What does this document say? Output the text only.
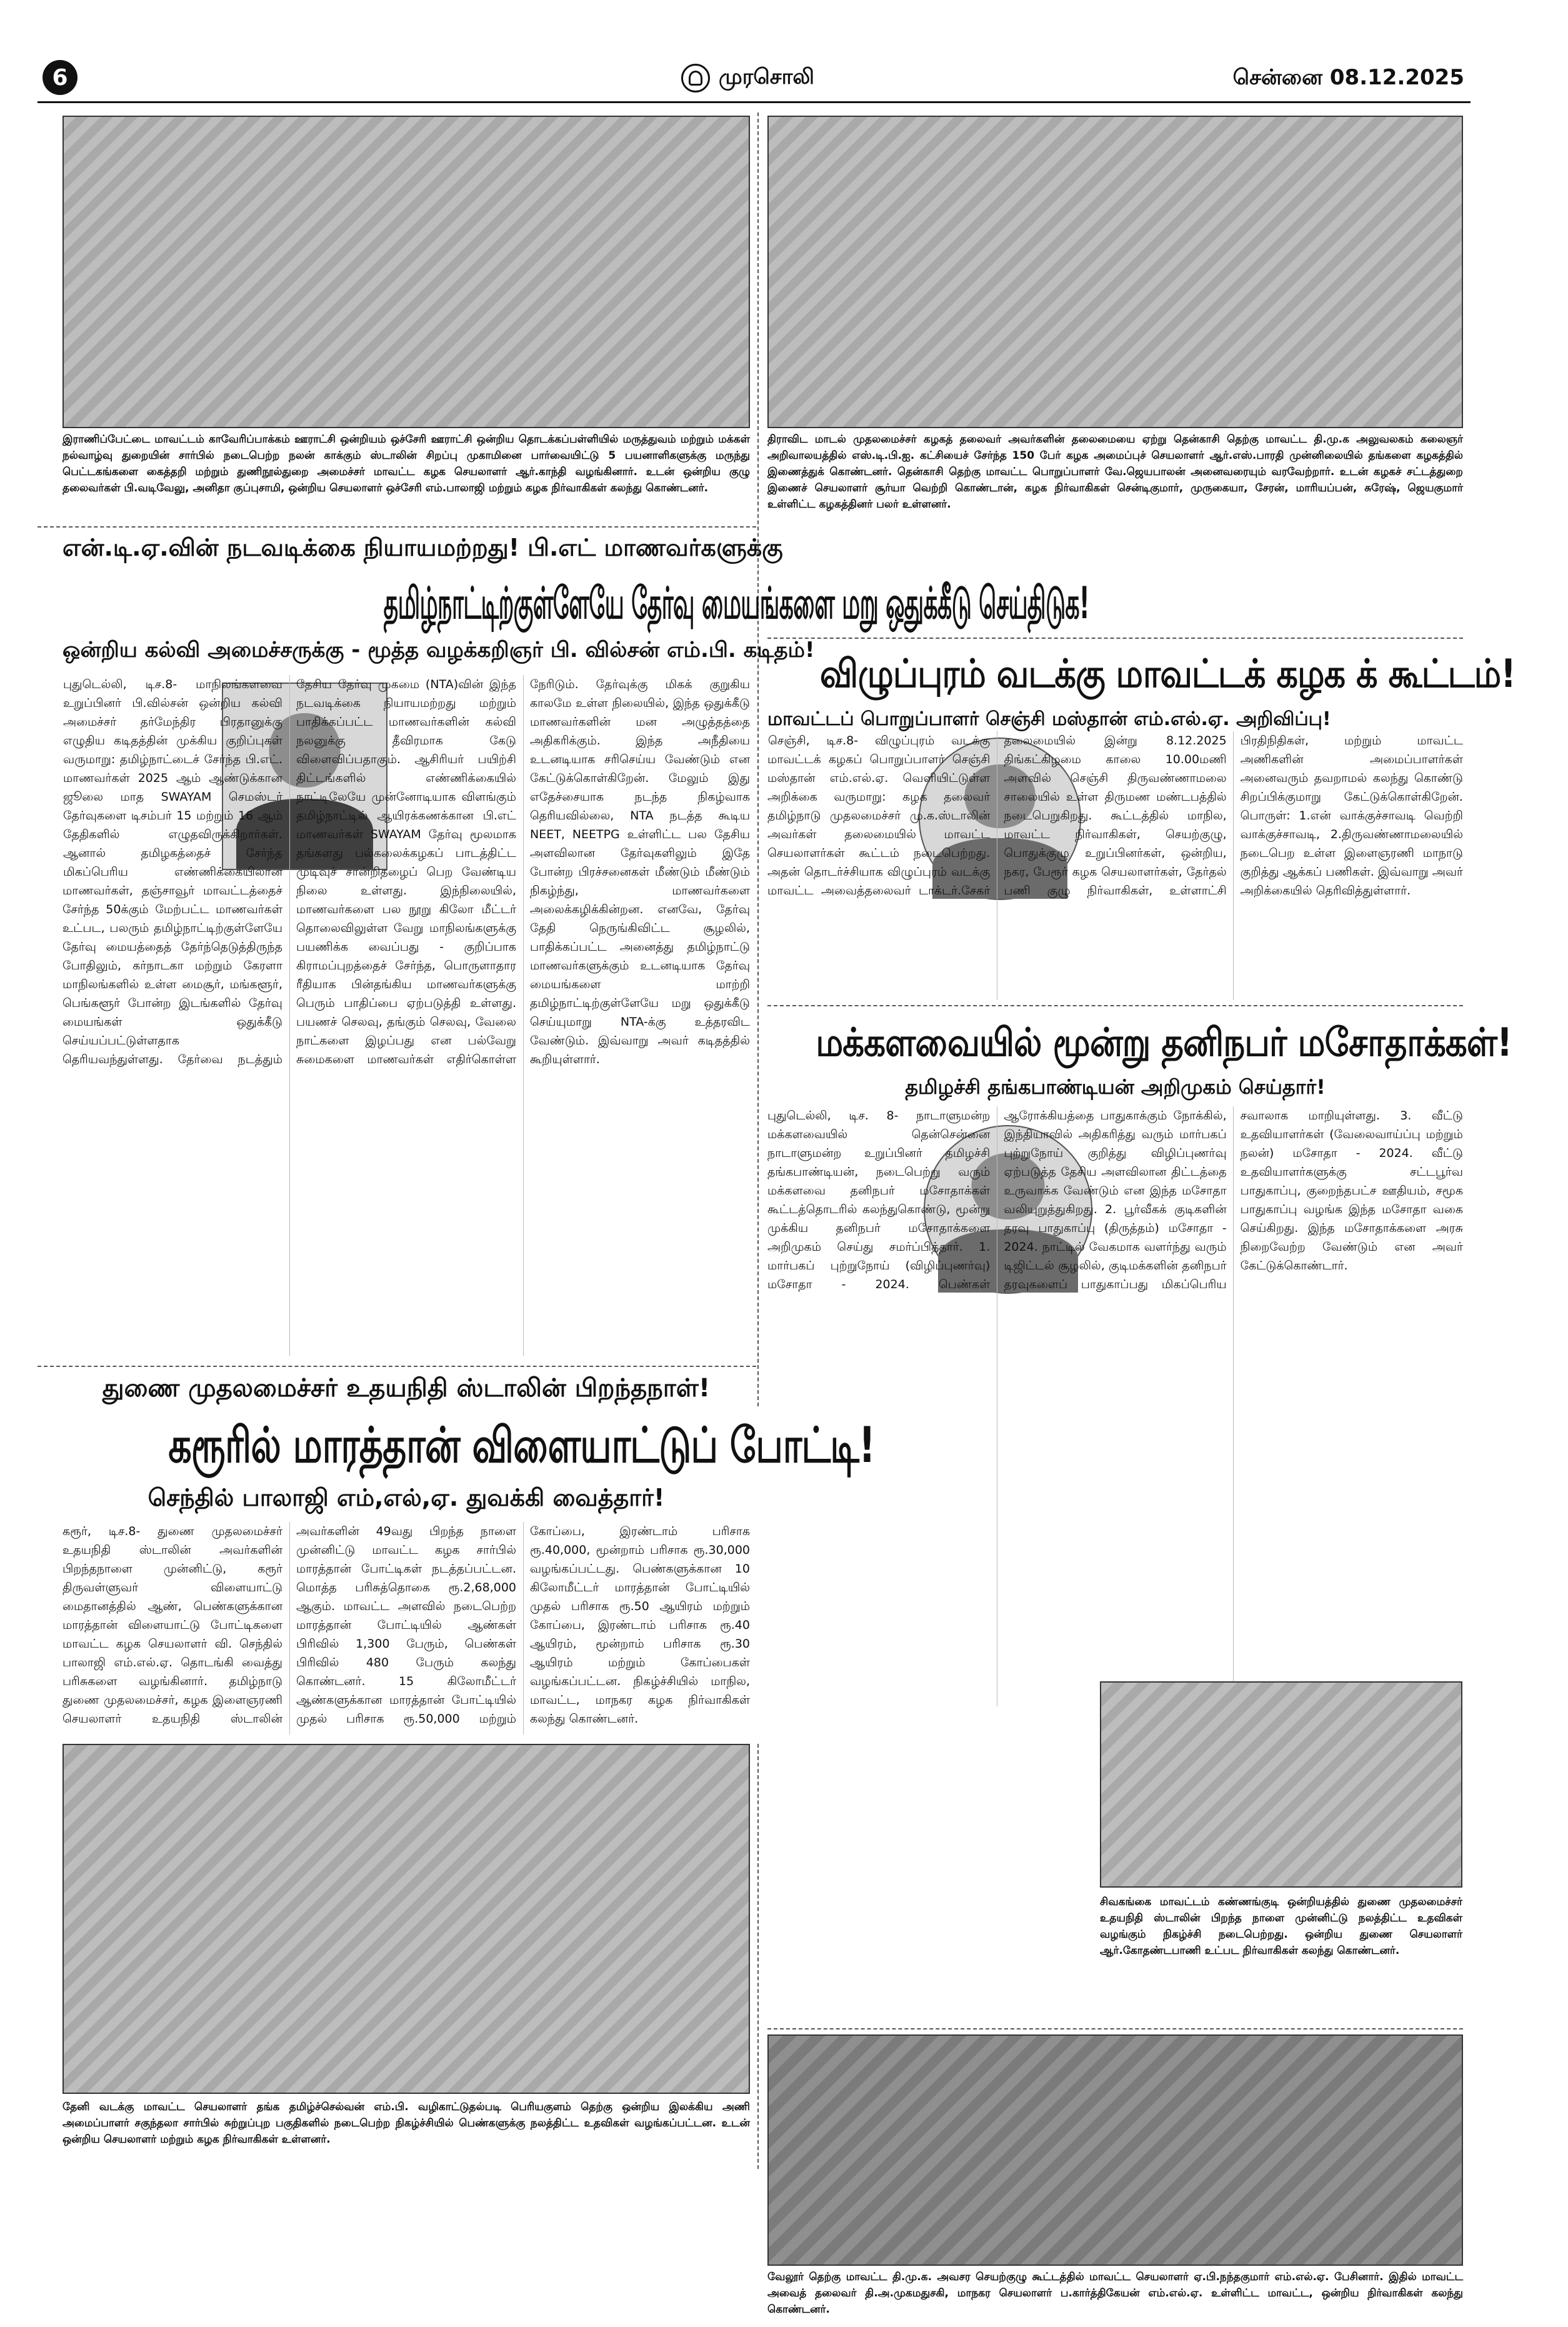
6	முரசொலி	சென்னை 08.12.2025
இராணிப்பேட்டை மாவட்டம் காவேரிப்பாக்கம் ஊராட்சி ஒன்றியம் ஒச்சேரி ஊராட்சி ஒன்றிய தொடக்கப்பள்ளியில் மருத்துவம் மற்றும் மக்கள் நல்வாழ்வு துறையின் சார்பில் நடைபெற்ற நலன் காக்கும் ஸ்டாலின் சிறப்பு முகாமினை பார்வையிட்டு 5 பயனாளிகளுக்கு மருந்து பெட்டகங்களை கைத்தறி மற்றும் துணிநூல்துறை அமைச்சர் மாவட்ட கழக செயலாளர் ஆர்.காந்தி வழங்கினார். உடன் ஒன்றிய குழு தலைவர்கள் பி.வடிவேலு, அனிதா குப்புசாமி, ஒன்றிய செயலாளர் ஒச்சேரி எம்.பாலாஜி மற்றும் கழக நிர்வாகிகள் கலந்து கொண்டனர்.
திராவிட மாடல் முதலமைச்சர் கழகத் தலைவர் அவர்களின் தலைமையை ஏற்று தென்காசி தெற்கு மாவட்ட தி.மு.க அலுவலகம் கலைஞர் அறிவாலயத்தில் எஸ்.டி.பி.ஐ. கட்சியைச் சேர்ந்த 150 பேர் கழக அமைப்புச் செயலாளர் ஆர்.எஸ்.பாரதி முன்னிலையில் தங்களை கழகத்தில் இணைத்துக் கொண்டனர். தென்காசி தெற்கு மாவட்ட பொறுப்பாளர் வே.ஜெயபாலன் அனைவரையும் வரவேற்றார். உடன் கழகச் சட்டத்துறை இணைச் செயலாளர் சூர்யா வெற்றி கொண்டான், கழக நிர்வாகிகள் சென்டிகுமார், முருகையா, சேரன், மாரியப்பன், சுரேஷ், ஜெயகுமார் உள்ளிட்ட கழகத்தினர் பலர் உள்ளனர்.
என்.டி.ஏ.வின் நடவடிக்கை நியாயமற்றது! பி.எட் மாணவர்களுக்கு
தமிழ்நாட்டிற்குள்ளேயே தேர்வு மையங்களை மறு ஒதுக்கீடு செய்திடுக!
ஒன்றிய கல்வி அமைச்சருக்கு - மூத்த வழக்கறிஞர் பி. வில்சன் எம்.பி. கடிதம்!
புதுடெல்லி, டிச.8- மாநிலங்களவை உறுப்பினர் பி.வில்சன் ஒன்றிய கல்வி அமைச்சர் தர்மேந்திர பிரதானுக்கு எழுதிய கடிதத்தின் முக்கிய குறிப்புகள் வருமாறு: தமிழ்நாட்டைச் சேர்ந்த பி.எட். மாணவர்கள் 2025 ஆம் ஆண்டுக்கான ஜூலை மாத SWAYAM செமஸ்டர் தேர்வுகளை டிசம்பர் 15 மற்றும் 16 ஆம் தேதிகளில் எழுதவிருக்கிறார்கள். ஆனால் தமிழகத்தைச் சேர்ந்த மிகப்பெரிய எண்ணிக்கையிலான மாணவர்கள், தஞ்சாவூர் மாவட்டத்தைச் சேர்ந்த 50க்கும் மேற்பட்ட மாணவர்கள் உட்பட, பலரும் தமிழ்நாட்டிற்குள்ளேயே தேர்வு மையத்தைத் தேர்ந்தெடுத்திருந்த போதிலும், கர்நாடகா மற்றும் கேரளா மாநிலங்களில் உள்ள மைசூர், மங்களூர், பெங்களூர் போன்ற இடங்களில் தேர்வு மையங்கள் ஒதுக்கீடு செய்யப்பட்டுள்ளதாக தெரியவந்துள்ளது. தேர்வை நடத்தும் தேசிய தேர்வு முகமை (NTA)வின் இந்த நடவடிக்கை நியாயமற்றது மற்றும் பாதிக்கப்பட்ட மாணவர்களின் கல்வி நலனுக்கு தீவிரமாக கேடு விளைவிப்பதாகும். ஆசிரியர் பயிற்சி திட்டங்களில் எண்ணிக்கையில் நாட்டிலேயே முன்னோடியாக விளங்கும் தமிழ்நாட்டில் ஆயிரக்கணக்கான பி.எட் மாணவர்கள் SWAYAM தேர்வு மூலமாக தங்களது பல்கலைக்கழகப் பாடத்திட்ட முடிவுச் சான்றிதழைப் பெற வேண்டிய நிலை உள்ளது. இந்நிலையில், மாணவர்களை பல நூறு கிலோ மீட்டர் தொலைவிலுள்ள வேறு மாநிலங்களுக்கு பயணிக்க வைப்பது - குறிப்பாக கிராமப்புறத்தைச் சேர்ந்த, பொருளாதார ரீதியாக பின்தங்கிய மாணவர்களுக்கு பெரும் பாதிப்பை ஏற்படுத்தி உள்ளது. பயணச் செலவு, தங்கும் செலவு, வேலை நாட்களை இழப்பது என பல்வேறு சுமைகளை மாணவர்கள் எதிர்கொள்ள நேரிடும். தேர்வுக்கு மிகக் குறுகிய காலமே உள்ள நிலையில், இந்த ஒதுக்கீடு மாணவர்களின் மன அழுத்தத்தை அதிகரிக்கும். இந்த அநீதியை உடனடியாக சரிசெய்ய வேண்டும் என கேட்டுக்கொள்கிறேன். மேலும் இது எதேச்சையாக நடந்த நிகழ்வாக தெரியவில்லை, NTA நடத்த கூடிய NEET, NEETPG உள்ளிட்ட பல தேசிய அளவிலான தேர்வுகளிலும் இதே போன்ற பிரச்சனைகள் மீண்டும் மீண்டும் நிகழ்ந்து, மாணவர்களை அலைக்கழிக்கின்றன. எனவே, தேர்வு தேதி நெருங்கிவிட்ட சூழலில், பாதிக்கப்பட்ட அனைத்து தமிழ்நாட்டு மாணவர்களுக்கும் உடனடியாக தேர்வு மையங்களை மாற்றி தமிழ்நாட்டிற்குள்ளேயே மறு ஒதுக்கீடு செய்யுமாறு NTA-க்கு உத்தரவிட வேண்டும். இவ்வாறு அவர் கடிதத்தில் கூறியுள்ளார்.
விழுப்புரம் வடக்கு மாவட்டக் கழக க் கூட்டம்!
மாவட்டப் பொறுப்பாளர் செஞ்சி மஸ்தான் எம்.எல்.ஏ. அறிவிப்பு!
செஞ்சி, டிச.8- விழுப்புரம் வடக்கு மாவட்டக் கழகப் பொறுப்பாளர் செஞ்சி மஸ்தான் எம்.எல்.ஏ. வெளியிட்டுள்ள அறிக்கை வருமாறு: கழக தலைவர் தமிழ்நாடு முதலமைச்சர் மு.க.ஸ்டாலின் அவர்கள் தலைமையில் மாவட்ட செயலாளர்கள் கூட்டம் நடைபெற்றது. அதன் தொடர்ச்சியாக விழுப்புரம் வடக்கு மாவட்ட அவைத்தலைவர் டாக்டர்.சேகர் தலைமையில் இன்று 8.12.2025 திங்கட்கிழமை காலை 10.00மணி அளவில் செஞ்சி திருவண்ணாமலை சாலையில் உள்ள திருமண மண்டபத்தில் நடைபெறுகிறது. கூட்டத்தில் மாநில, மாவட்ட நிர்வாகிகள், செயற்குழு, பொதுக்குழு உறுப்பினர்கள், ஒன்றிய, நகர, பேரூர் கழக செயலாளர்கள், தேர்தல் பணி குழு நிர்வாகிகள், உள்ளாட்சி பிரதிநிதிகள், மற்றும் மாவட்ட அணிகளின் அமைப்பாளர்கள் அனைவரும் தவறாமல் கலந்து கொண்டு சிறப்பிக்குமாறு கேட்டுக்கொள்கிறேன். பொருள்: 1.என் வாக்குச்சாவடி வெற்றி வாக்குச்சாவடி, 2.திருவண்ணாமலையில் நடைபெற உள்ள இளைஞரணி மாநாடு குறித்து ஆக்கப் பணிகள். இவ்வாறு அவர் அறிக்கையில் தெரிவித்துள்ளார்.
மக்களவையில் மூன்று தனிநபர் மசோதாக்கள்!
தமிழச்சி தங்கபாண்டியன் அறிமுகம் செய்தார்!
புதுடெல்லி, டிச. 8- நாடாளுமன்ற மக்களவையில் தென்சென்னை நாடாளுமன்ற உறுப்பினர் தமிழச்சி தங்கபாண்டியன், நடைபெற்று வரும் மக்களவை தனிநபர் மசோதாக்கள் கூட்டத்தொடரில் கலந்துகொண்டு, மூன்று முக்கிய தனிநபர் மசோதாக்களை அறிமுகம் செய்து சமர்ப்பித்தார். 1. மார்பகப் புற்றுநோய் (விழிப்புணர்வு) மசோதா - 2024. பெண்கள் ஆரோக்கியத்தை பாதுகாக்கும் நோக்கில், இந்தியாவில் அதிகரித்து வரும் மார்பகப் புற்றுநோய் குறித்து விழிப்புணர்வு ஏற்படுத்த தேசிய அளவிலான திட்டத்தை உருவாக்க வேண்டும் என இந்த மசோதா வலியுறுத்துகிறது. 2. பூர்வீகக் குடிகளின் தரவு பாதுகாப்பு (திருத்தம்) மசோதா - 2024. நாட்டில் வேகமாக வளர்ந்து வரும் டிஜிட்டல் சூழலில், குடிமக்களின் தனிநபர் தரவுகளைப் பாதுகாப்பது மிகப்பெரிய சவாலாக மாறியுள்ளது. 3. வீட்டு உதவியாளர்கள் (வேலைவாய்ப்பு மற்றும் நலன்) மசோதா - 2024. வீட்டு உதவியாளர்களுக்கு சட்டபூர்வ பாதுகாப்பு, குறைந்தபட்ச ஊதியம், சமூக பாதுகாப்பு வழங்க இந்த மசோதா வகை செய்கிறது. இந்த மசோதாக்களை அரசு நிறைவேற்ற வேண்டும் என அவர் கேட்டுக்கொண்டார்.
துணை முதலமைச்சர் உதயநிதி ஸ்டாலின் பிறந்தநாள்!
கரூரில் மாரத்தான் விளையாட்டுப் போட்டி!
செந்தில் பாலாஜி எம்,எல்,ஏ. துவக்கி வைத்தார்!
கரூர், டிச.8- துணை முதலமைச்சர் உதயநிதி ஸ்டாலின் அவர்களின் பிறந்தநாளை முன்னிட்டு, கரூர் திருவள்ளுவர் விளையாட்டு மைதானத்தில் ஆண், பெண்களுக்கான மாரத்தான் விளையாட்டு போட்டிகளை மாவட்ட கழக செயலாளர் வி. செந்தில் பாலாஜி எம்.எல்.ஏ. தொடங்கி வைத்து பரிசுகளை வழங்கினார். தமிழ்நாடு துணை முதலமைச்சர், கழக இளைஞரணி செயலாளர் உதயநிதி ஸ்டாலின் அவர்களின் 49வது பிறந்த நாளை முன்னிட்டு மாவட்ட கழக சார்பில் மாரத்தான் போட்டிகள் நடத்தப்பட்டன. மொத்த பரிசுத்தொகை ரூ.2,68,000 ஆகும். மாவட்ட அளவில் நடைபெற்ற மாரத்தான் போட்டியில் ஆண்கள் பிரிவில் 1,300 பேரும், பெண்கள் பிரிவில் 480 பேரும் கலந்து கொண்டனர். 15 கிலோமீட்டர் ஆண்களுக்கான மாரத்தான் போட்டியில் முதல் பரிசாக ரூ.50,000 மற்றும் கோப்பை, இரண்டாம் பரிசாக ரூ.40,000, மூன்றாம் பரிசாக ரூ.30,000 வழங்கப்பட்டது. பெண்களுக்கான 10 கிலோமீட்டர் மாரத்தான் போட்டியில் முதல் பரிசாக ரூ.50 ஆயிரம் மற்றும் கோப்பை, இரண்டாம் பரிசாக ரூ.40 ஆயிரம், மூன்றாம் பரிசாக ரூ.30 ஆயிரம் மற்றும் கோப்பைகள் வழங்கப்பட்டன. நிகழ்ச்சியில் மாநில, மாவட்ட, மாநகர கழக நிர்வாகிகள் கலந்து கொண்டனர்.
சிவகங்கை மாவட்டம் கண்ணங்குடி ஒன்றியத்தில் துணை முதலமைச்சர் உதயநிதி ஸ்டாலின் பிறந்த நாளை முன்னிட்டு நலத்திட்ட உதவிகள் வழங்கும் நிகழ்ச்சி நடைபெற்றது. ஒன்றிய துணை செயலாளர் ஆர்.கோதண்டபாணி உட்பட நிர்வாகிகள் கலந்து கொண்டனர்.
தேனி வடக்கு மாவட்ட செயலாளர் தங்க தமிழ்ச்செல்வன் எம்.பி. வழிகாட்டுதல்படி பெரியகுளம் தெற்கு ஒன்றிய இலக்கிய அணி அமைப்பாளர் சகுந்தலா சார்பில் சுற்றுப்புற பகுதிகளில் நடைபெற்ற நிகழ்ச்சியில் பெண்களுக்கு நலத்திட்ட உதவிகள் வழங்கப்பட்டன. உடன் ஒன்றிய செயலாளர் மற்றும் கழக நிர்வாகிகள் உள்ளனர்.
வேலூர் தெற்கு மாவட்ட தி.மு.க. அவசர செயற்குழு கூட்டத்தில் மாவட்ட செயலாளர் ஏ.பி.நந்தகுமார் எம்.எல்.ஏ. பேசினார். இதில் மாவட்ட அவைத் தலைவர் தி.அ.முகமதுசகி, மாநகர செயலாளர் ப.கார்த்திகேயன் எம்.எல்.ஏ. உள்ளிட்ட மாவட்ட, ஒன்றிய நிர்வாகிகள் கலந்து கொண்டனர்.
